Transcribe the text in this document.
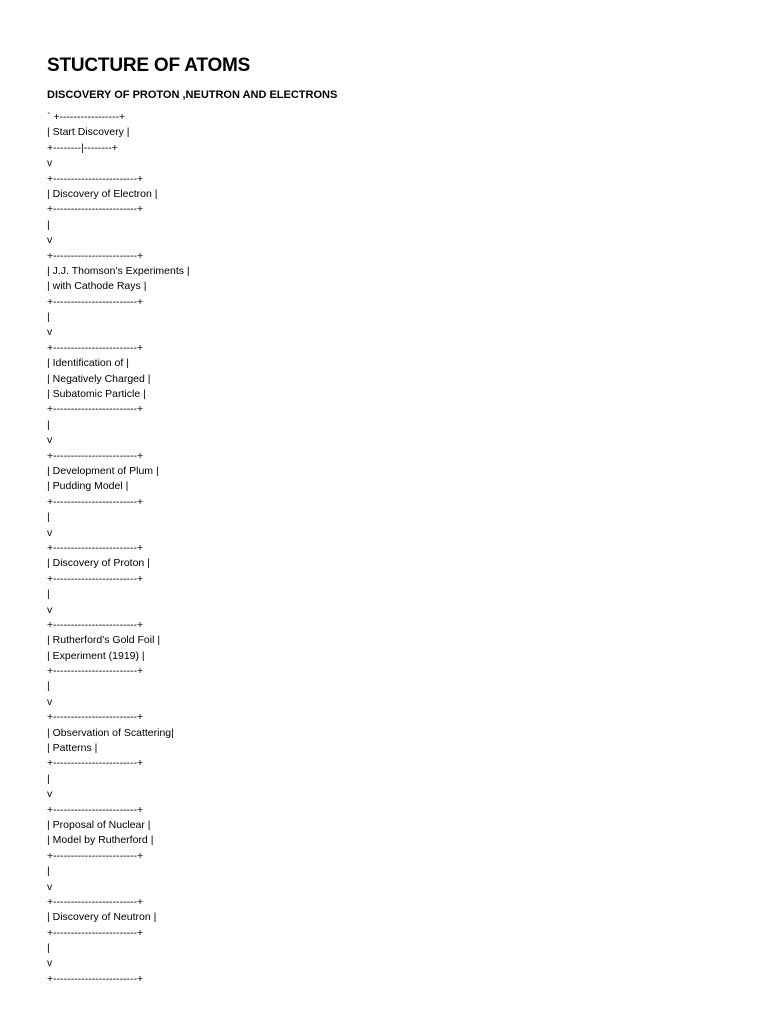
STUCTURE OF ATOMS
DISCOVERY OF PROTON ,NEUTRON AND ELECTRONS
` +-----------------+
| Start Discovery |
+--------|--------+
v
+------------------------+
| Discovery of Electron |
+------------------------+
|
v
+------------------------+
| J.J. Thomson's Experiments |
| with Cathode Rays |
+------------------------+
|
v
+------------------------+
| Identification of |
| Negatively Charged |
| Subatomic Particle |
+------------------------+
|
v
+------------------------+
| Development of Plum |
| Pudding Model |
+------------------------+
|
v
+------------------------+
| Discovery of Proton |
+------------------------+
|
v
+------------------------+
| Rutherford's Gold Foil |
| Experiment (1919) |
+------------------------+
|
v
+------------------------+
| Observation of Scattering|
| Patterns |
+------------------------+
|
v
+------------------------+
| Proposal of Nuclear |
| Model by Rutherford |
+------------------------+
|
v
+------------------------+
| Discovery of Neutron |
+------------------------+
|
v
+------------------------+
